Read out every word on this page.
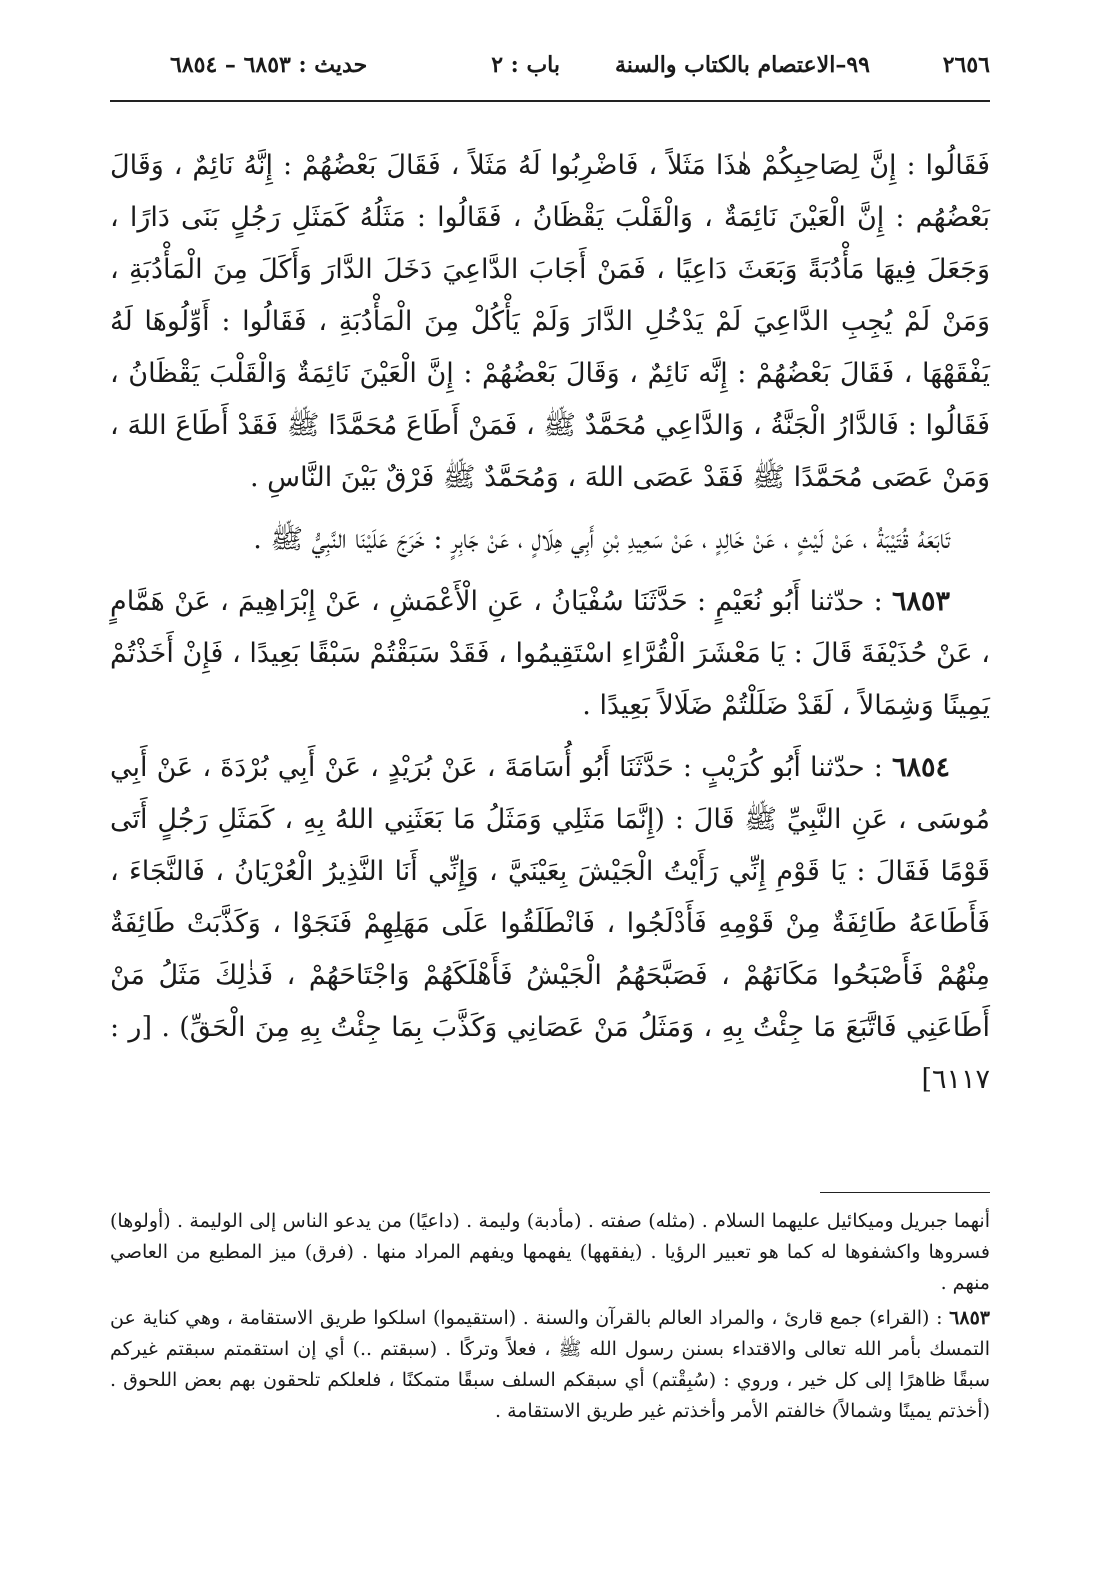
٢٦٥٦
٩٩–الاعتصام بالكتاب والسنة
باب : ٢
حديث : ٦٨٥٣ – ٦٨٥٤

فَقَالُوا : إِنَّ لِصَاحِبِكُمْ هٰذَا مَثَلاً ، فَاضْرِبُوا لَهُ مَثَلاً ، فَقَالَ بَعْضُهُمْ : إِنَّهُ نَائِمٌ ، وَقَالَ بَعْضُهُم : إِنَّ الْعَيْنَ نَائِمَةٌ ، وَالْقَلْبَ يَقْظَانُ ، فَقَالُوا : مَثَلُهُ كَمَثَلِ رَجُلٍ بَنَى دَارًا ، وَجَعَلَ فِيهَا مَأْدُبَةً وَبَعَثَ دَاعِيًا ، فَمَنْ أَجَابَ الدَّاعِيَ دَخَلَ الدَّارَ وَأَكَلَ مِنَ الْمَأْدُبَةِ ، وَمَنْ لَمْ يُجِبِ الدَّاعِيَ لَمْ يَدْخُلِ الدَّارَ وَلَمْ يَأْكُلْ مِنَ الْمَأْدُبَةِ ، فَقَالُوا : أَوِّلُوهَا لَهُ يَفْقَهْهَا ، فَقَالَ بَعْضُهُمْ : إِنَّه نَائِمٌ ، وَقَالَ بَعْضُهُمْ : إِنَّ الْعَيْنَ نَائِمَةٌ وَالْقَلْبَ يَقْظَانُ ، فَقَالُوا : فَالدَّارُ الْجَنَّةُ ، وَالدَّاعِي مُحَمَّدٌ ﷺ ، فَمَنْ أَطَاعَ مُحَمَّدًا ﷺ فَقَدْ أَطَاعَ اللهَ ، وَمَنْ عَصَى مُحَمَّدًا ﷺ فَقَدْ عَصَى اللهَ ، وَمُحَمَّدٌ ﷺ فَرْقٌ بَيْنَ النَّاسِ .

تَابَعَهُ قُتَيْبَةُ ، عَنْ لَيْثٍ ، عَنْ خَالِدٍ ، عَنْ سَعِيدِ بْنِ أَبِي هِلَالٍ ، عَنْ جَابِرٍ : خَرَجَ عَلَيْنَا النَّبِيُّ ﷺ .

٦٨٥٣ : حدّثنا أَبُو نُعَيْمٍ : حَدَّثَنَا سُفْيَانُ ، عَنِ الْأَعْمَشِ ، عَنْ إِبْرَاهِيمَ ، عَنْ هَمَّامٍ ، عَنْ حُذَيْفَةَ قَالَ : يَا مَعْشَرَ الْقُرَّاءِ اسْتَقِيمُوا ، فَقَدْ سَبَقْتُمْ سَبْقًا بَعِيدًا ، فَإِنْ أَخَذْتُمْ يَمِينًا وَشِمَالاً ، لَقَدْ ضَلَلْتُمْ ضَلَالاً بَعِيدًا .

٦٨٥٤ : حدّثنا أَبُو كُرَيْبٍ : حَدَّثَنَا أَبُو أُسَامَةَ ، عَنْ بُرَيْدٍ ، عَنْ أَبِي بُرْدَةَ ، عَنْ أَبِي مُوسَى ، عَنِ النَّبِيِّ ﷺ قَالَ : (إِنَّمَا مَثَلِي وَمَثَلُ مَا بَعَثَنِي اللهُ بِهِ ، كَمَثَلِ رَجُلٍ أَتَى قَوْمًا فَقَالَ : يَا قَوْمِ إِنِّي رَأَيْتُ الْجَيْشَ بِعَيْنَيَّ ، وَإِنِّي أَنَا النَّذِيرُ الْعُرْيَانُ ، فَالنَّجَاءَ ، فَأَطَاعَهُ طَائِفَةٌ مِنْ قَوْمِهِ فَأَدْلَجُوا ، فَانْطَلَقُوا عَلَى مَهَلِهِمْ فَنَجَوْا ، وَكَذَّبَتْ طَائِفَةٌ مِنْهُمْ فَأَصْبَحُوا مَكَانَهُمْ ، فَصَبَّحَهُمُ الْجَيْشُ فَأَهْلَكَهُمْ وَاجْتَاحَهُمْ ، فَذٰلِكَ مَثَلُ مَنْ أَطَاعَنِي فَاتَّبَعَ مَا جِئْتُ بِهِ ، وَمَثَلُ مَنْ عَصَانِي وَكَذَّبَ بِمَا جِئْتُ بِهِ مِنَ الْحَقِّ) . [ر : ٦١١٧]

أنهما جبريل وميكائيل عليهما السلام . (مثله) صفته . (مأدبة) وليمة . (داعيًا) من يدعو الناس إلى الوليمة . (أولوها) فسروها واكشفوها له كما هو تعبير الرؤيا . (يفقهها) يفهمها ويفهم المراد منها . (فرق) ميز المطيع من العاصي منهم .

٦٨٥٣ : (القراء) جمع قارئ ، والمراد العالم بالقرآن والسنة . (استقيموا) اسلكوا طريق الاستقامة ، وهي كناية عن التمسك بأمر الله تعالى والاقتداء بسنن رسول الله ﷺ ، فعلاً وتركًا . (سبقتم ..) أي إن استقمتم سبقتم غيركم سبقًا ظاهرًا إلى كل خير ، وروي : (سُبِقْتم) أي سبقكم السلف سبقًا متمكنًا ، فلعلكم تلحقون بهم بعض اللحوق . (أخذتم يمينًا وشمالاً) خالفتم الأمر وأخذتم غير طريق الاستقامة .
